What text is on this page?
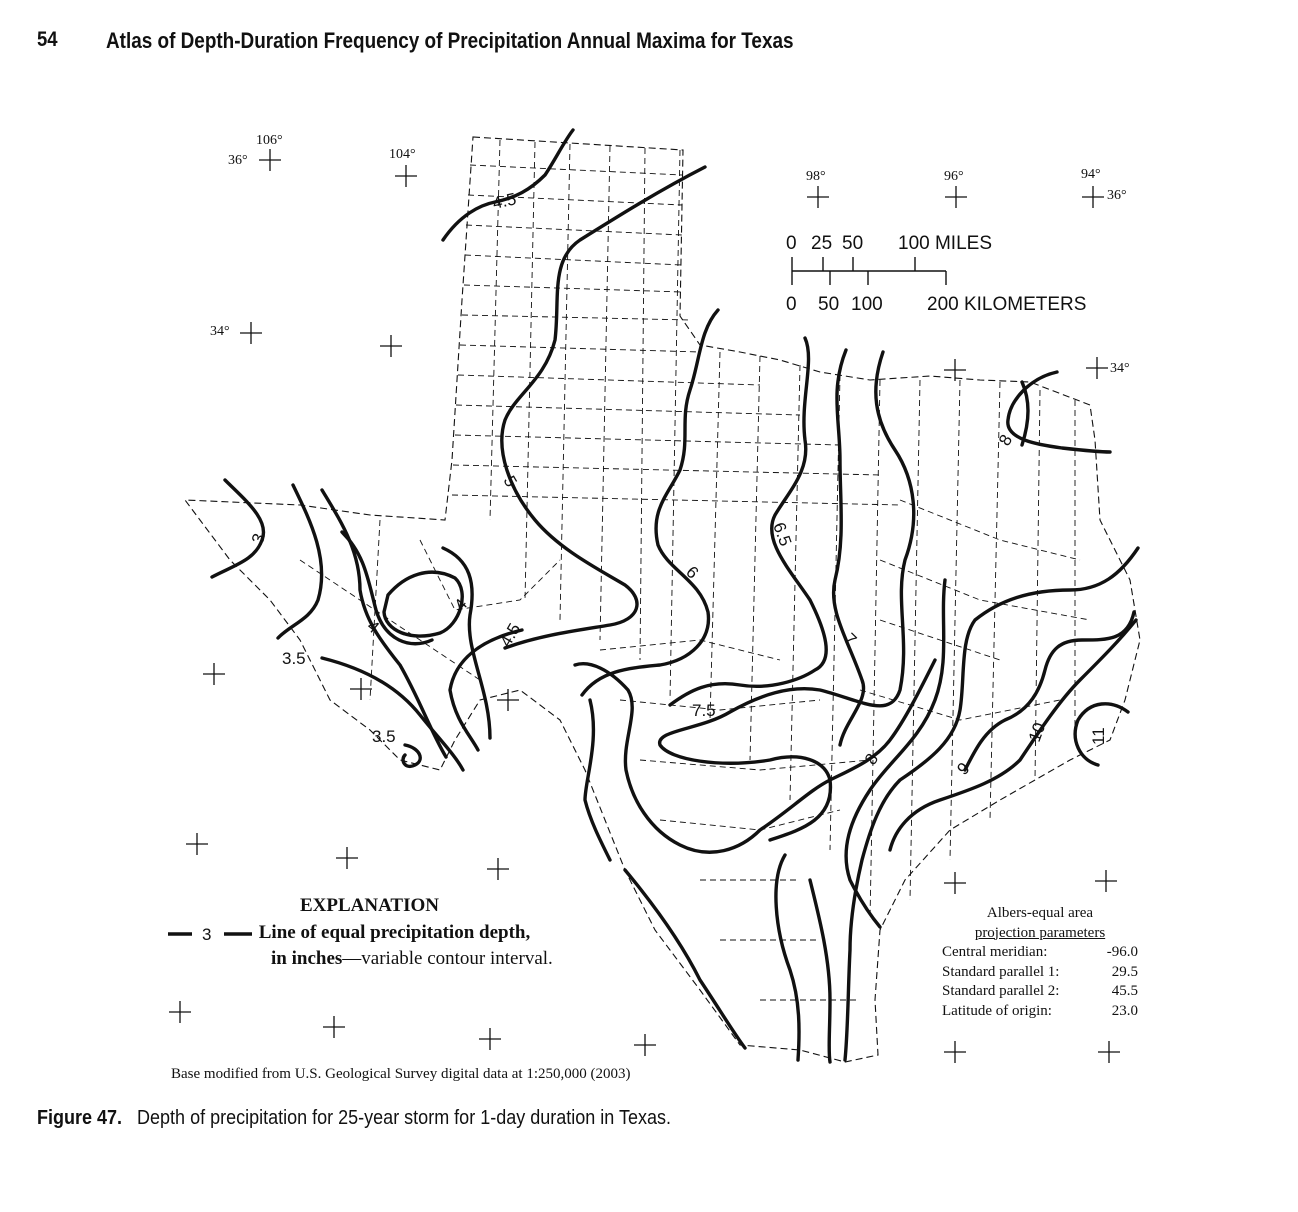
54 Atlas of Depth-Duration Frequency of Precipitation Annual Maxima for Texas
106°
36°	104°
98°	96°	94°
36°
34°
34°
0 25 50 100 MILES
0 50 100 200 KILOMETERS
3
3.5
3.5
4
4
4.5
4.5
5
6
6.5
7
7.5
8
8	9
10 11
EXPLANATION
3 Line of equal precipitation depth,
in inches—variable contour interval.
Albers-equal area
projection parameters
Central meridian:	-96.0
Standard parallel 1:	29.5
Standard parallel 2:	45.5
Latitude of origin:	23.0
Base modified from U.S. Geological Survey digital data at 1:250,000 (2003)
Figure 47. Depth of precipitation for 25-year storm for 1-day duration in Texas.
